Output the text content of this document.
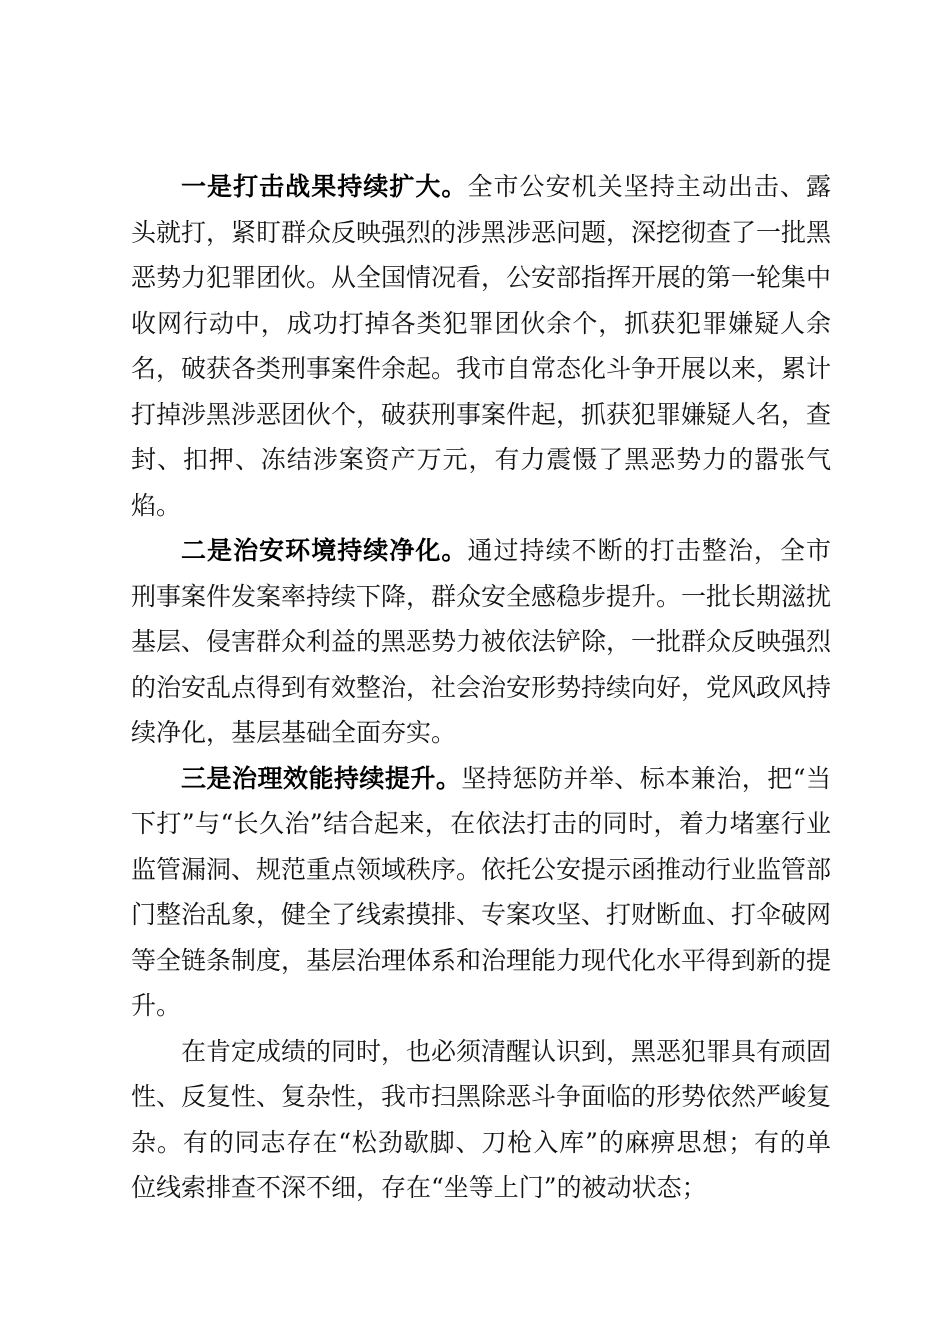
一是打击战果持续扩大。全市公安机关坚持主动出击、露头就打，紧盯群众反映强烈的涉黑涉恶问题，深挖彻查了一批黑恶势力犯罪团伙。从全国情况看，公安部指挥开展的第一轮集中收网行动中，成功打掉各类犯罪团伙余个，抓获犯罪嫌疑人余名，破获各类刑事案件余起。我市自常态化斗争开展以来，累计打掉涉黑涉恶团伙个，破获刑事案件起，抓获犯罪嫌疑人名，查封、扣押、冻结涉案资产万元，有力震慑了黑恶势力的嚣张气焰。

二是治安环境持续净化。通过持续不断的打击整治，全市刑事案件发案率持续下降，群众安全感稳步提升。一批长期滋扰基层、侵害群众利益的黑恶势力被依法铲除，一批群众反映强烈的治安乱点得到有效整治，社会治安形势持续向好，党风政风持续净化，基层基础全面夯实。

三是治理效能持续提升。坚持惩防并举、标本兼治，把“当下打”与“长久治”结合起来，在依法打击的同时，着力堵塞行业监管漏洞、规范重点领域秩序。依托公安提示函推动行业监管部门整治乱象，健全了线索摸排、专案攻坚、打财断血、打伞破网等全链条制度，基层治理体系和治理能力现代化水平得到新的提升。

在肯定成绩的同时，也必须清醒认识到，黑恶犯罪具有顽固性、反复性、复杂性，我市扫黑除恶斗争面临的形势依然严峻复杂。有的同志存在“松劲歇脚、刀枪入库”的麻痹思想；有的单位线索排查不深不细，存在“坐等上门”的被动状态；
